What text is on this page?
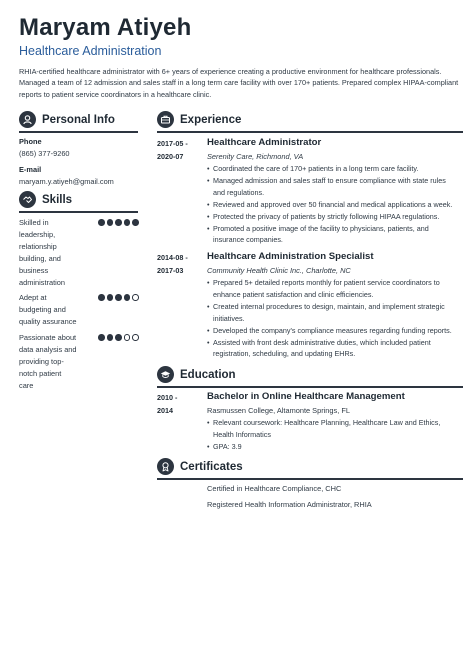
Maryam Atiyeh
Healthcare Administration
RHIA-certified healthcare administrator with 6+ years of experience creating a productive environment for healthcare professionals. Managed a team of 12 admission and sales staff in a long term care facility with over 170+ patients. Prepared complex HIPAA-compliant reports to patient service coordinators in a healthcare clinic.
Personal Info
Phone
(865) 377-9260
E-mail
maryam.y.atiyeh@gmail.com
Skills
Skilled in
leadership,
relationship
building, and
business
administration
Adept at
budgeting and
quality assurance
Passionate about
data analysis and
providing top-
notch patient
care
Experience
2017-05 -
2020-07
Healthcare Administrator
Serenity Care, Richmond, VA
• Coordinated the care of 170+ patients in a long term care facility.
• Managed admission and sales staff to ensure compliance with state rules
and regulations.
• Reviewed and approved over 50 financial and medical applications a week.
• Protected the privacy of patients by strictly following HIPAA regulations.
• Promoted a positive image of the facility to physicians, patients, and
insurance companies.
2014-08 -
2017-03
Healthcare Administration Specialist
Community Health Clinic Inc., Charlotte, NC
• Prepared 5+ detailed reports monthly for patient service coordinators to
enhance patient satisfaction and clinic efficiencies.
• Created internal procedures to design, maintain, and implement strategic
initiatives.
• Developed the company's compliance measures regarding funding reports.
• Assisted with front desk administrative duties, which included patient
registration, scheduling, and updating EHRs.
Education
2010 -
2014
Bachelor in Online Healthcare Management
Rasmussen College, Altamonte Springs, FL
• Relevant coursework: Healthcare Planning, Healthcare Law and Ethics,
Health Informatics
• GPA: 3.9
Certificates
Certified in Healthcare Compliance, CHC
Registered Health Information Administrator, RHIA
